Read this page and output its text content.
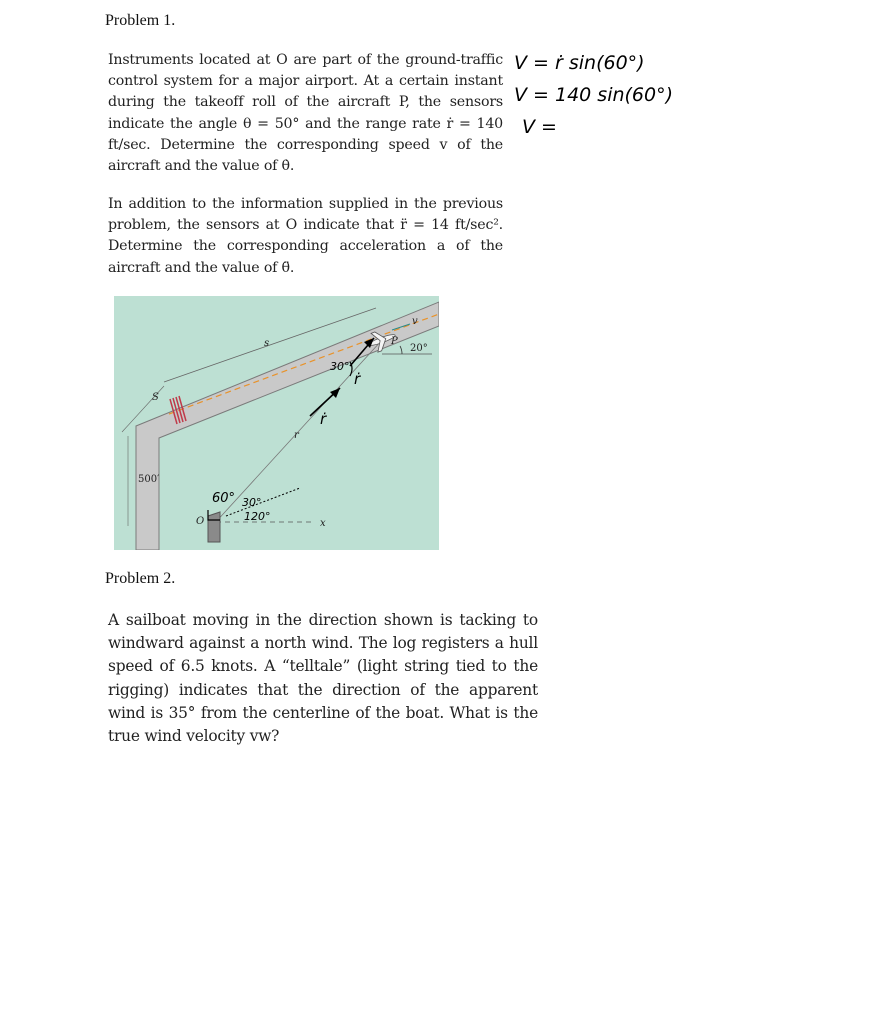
Problem 1.

Instruments located at O are part of the ground-traffic control system for a major airport. At a certain instant during the takeoff roll of the aircraft P, the sensors indicate the angle θ = 50° and the range rate ṙ = 140 ft/sec. Determine the corresponding speed v of the aircraft and the value of θ̇.

In addition to the information supplied in the previous problem, the sensors at O indicate that r̈ = 14 ft/sec². Determine the corresponding acceleration a of the aircraft and the value of θ̈.

V = ṙ sin(60°)
V = 140 sin(60°)
V =
s
S
500′
r
x
20°
P
v
O
60° 30°
120°
30°
ṙ
ṙ
Problem 2.

A sailboat moving in the direction shown is tacking to windward against a north wind. The log registers a hull speed of 6.5 knots. A “telltale” (light string tied to the rigging) indicates that the direction of the apparent wind is 35° from the centerline of the boat. What is the true wind velocity vw?
